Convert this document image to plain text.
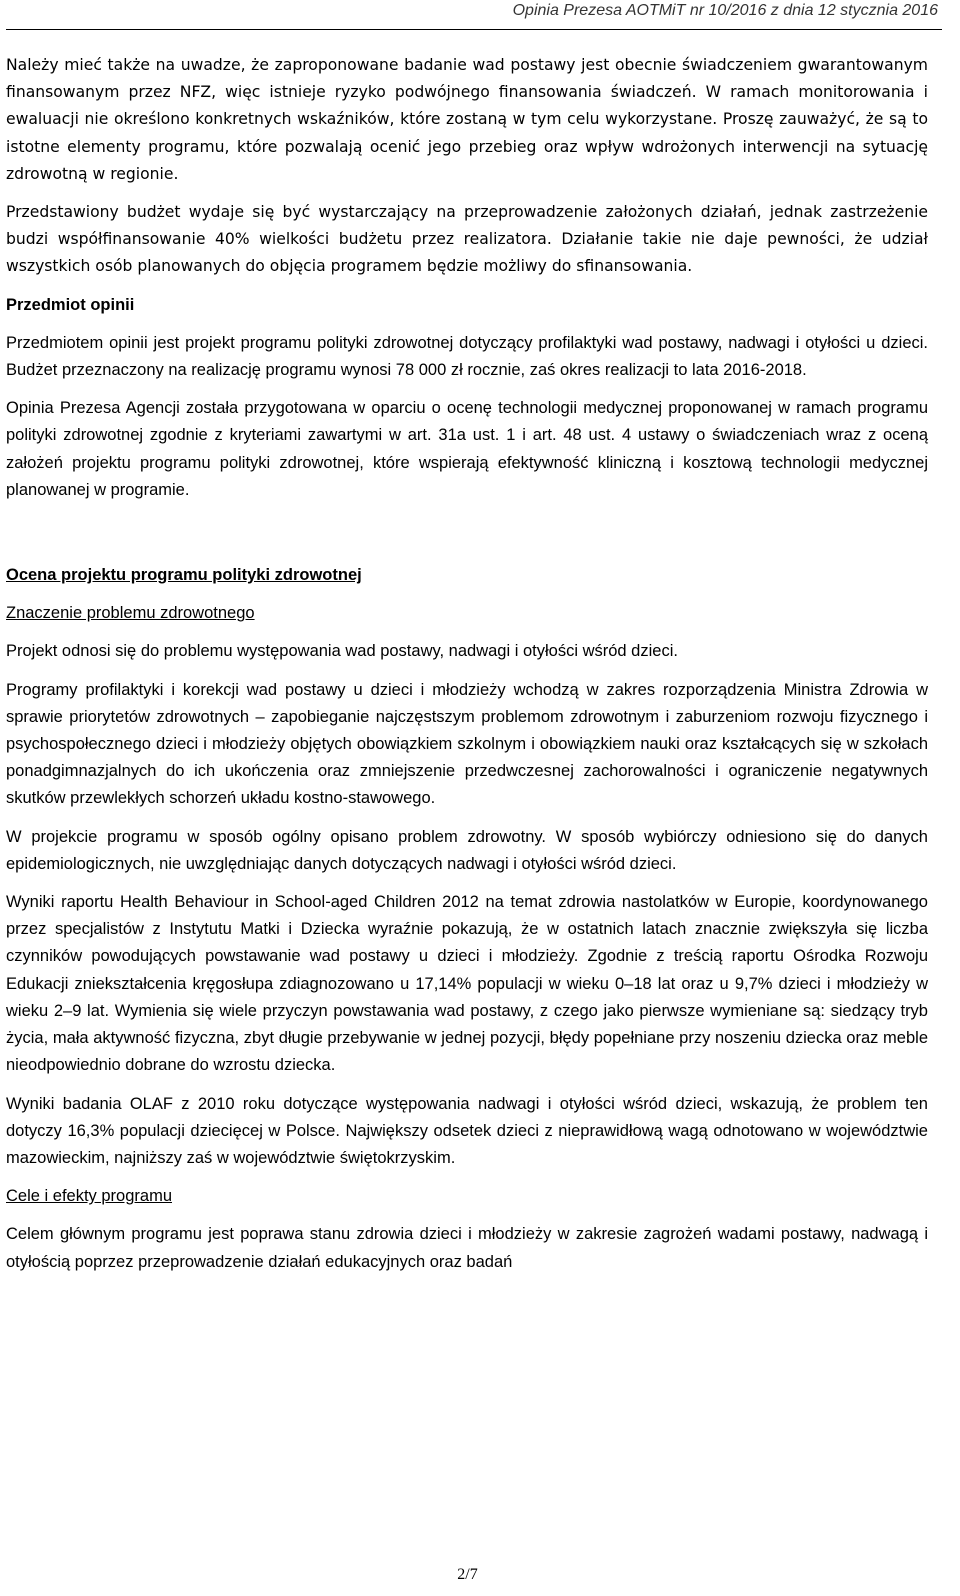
Opinia Prezesa AOTMiT nr 10/2016 z dnia 12 stycznia 2016

Należy mieć także na uwadze, że zaproponowane badanie wad postawy jest obecnie świadczeniem gwarantowanym finansowanym przez NFZ, więc istnieje ryzyko podwójnego finansowania świadczeń. W ramach monitorowania i ewaluacji nie określono konkretnych wskaźników, które zostaną w tym celu wykorzystane. Proszę zauważyć, że są to istotne elementy programu, które pozwalają ocenić jego przebieg oraz wpływ wdrożonych interwencji na sytuację zdrowotną w regionie.

Przedstawiony budżet wydaje się być wystarczający na przeprowadzenie założonych działań, jednak zastrzeżenie budzi współfinansowanie 40% wielkości budżetu przez realizatora. Działanie takie nie daje pewności, że udział wszystkich osób planowanych do objęcia programem będzie możliwy do sfinansowania.

Przedmiot opinii

Przedmiotem opinii jest projekt programu polityki zdrowotnej dotyczący profilaktyki wad postawy, nadwagi i otyłości u dzieci. Budżet przeznaczony na realizację programu wynosi 78 000 zł rocznie, zaś okres realizacji to lata 2016-2018.

Opinia Prezesa Agencji została przygotowana w oparciu o ocenę technologii medycznej proponowanej w ramach programu polityki zdrowotnej zgodnie z kryteriami zawartymi w art. 31a ust. 1 i art. 48 ust. 4 ustawy o świadczeniach wraz z oceną założeń projektu programu polityki zdrowotnej, które wspierają efektywność kliniczną i kosztową technologii medycznej planowanej w programie.

Ocena projektu programu polityki zdrowotnej
Znaczenie problemu zdrowotnego

Projekt odnosi się do problemu występowania wad postawy, nadwagi i otyłości wśród dzieci.

Programy profilaktyki i korekcji wad postawy u dzieci i młodzieży wchodzą w zakres rozporządzenia Ministra Zdrowia w sprawie priorytetów zdrowotnych – zapobieganie najczęstszym problemom zdrowotnym i zaburzeniom rozwoju fizycznego i psychospołecznego dzieci i młodzieży objętych obowiązkiem szkolnym i obowiązkiem nauki oraz kształcących się w szkołach ponadgimnazjalnych do ich ukończenia oraz zmniejszenie przedwczesnej zachorowalności i ograniczenie negatywnych skutków przewlekłych schorzeń układu kostno-stawowego.

W projekcie programu w sposób ogólny opisano problem zdrowotny. W sposób wybiórczy odniesiono się do danych epidemiologicznych, nie uwzględniając danych dotyczących nadwagi i otyłości wśród dzieci.

Wyniki raportu Health Behaviour in School-aged Children 2012 na temat zdrowia nastolatków w Europie, koordynowanego przez specjalistów z Instytutu Matki i Dziecka wyraźnie pokazują, że w ostatnich latach znacznie zwiększyła się liczba czynników powodujących powstawanie wad postawy u dzieci i młodzieży. Zgodnie z treścią raportu Ośrodka Rozwoju Edukacji zniekształcenia kręgosłupa zdiagnozowano u 17,14% populacji w wieku 0–18 lat oraz u 9,7% dzieci i młodzieży w wieku 2–9 lat. Wymienia się wiele przyczyn powstawania wad postawy, z czego jako pierwsze wymieniane są: siedzący tryb życia, mała aktywność fizyczna, zbyt długie przebywanie w jednej pozycji, błędy popełniane przy noszeniu dziecka oraz meble nieodpowiednio dobrane do wzrostu dziecka.

Wyniki badania OLAF z 2010 roku dotyczące występowania nadwagi i otyłości wśród dzieci, wskazują, że problem ten dotyczy 16,3% populacji dziecięcej w Polsce. Największy odsetek dzieci z nieprawidłową wagą odnotowano w województwie mazowieckim, najniższy zaś w województwie świętokrzyskim.

Cele i efekty programu

Celem głównym programu jest poprawa stanu zdrowia dzieci i młodzieży w zakresie zagrożeń wadami postawy, nadwagą i otyłością poprzez przeprowadzenie działań edukacyjnych oraz badań

2/7
